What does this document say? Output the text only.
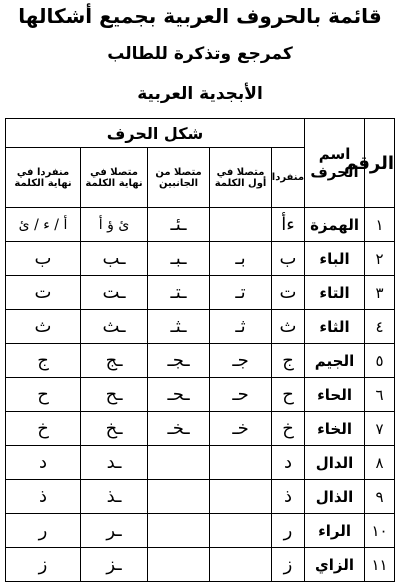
قائمة بالحروف العربية بجميع أشكالها
كمرجع وتذكرة للطالب
الأبجدية العربية
الرقم	اسم الحرف	شكل الحرف				
		منفردا	متصلا في أول الكلمة	متصلا من الجانبين	متصلا في نهاية الكلمة	منفردا في نهاية الكلمة
١	الهمزة	ءأ		ـئـ	ئ ؤ أ	أ / ء / ئ
٢	الباء	ب	بـ	ـبـ	ـب	ب
٣	التاء	ت	تـ	ـتـ	ـت	ت
٤	الثاء	ث	ثـ	ـثـ	ـث	ث
٥	الجيم	ج	جـ	ـجـ	ـج	ج
٦	الحاء	ح	حـ	ـحـ	ـح	ح
٧	الخاء	خ	خـ	ـخـ	ـخ	خ
٨	الدال	د			ـد	د
٩	الذال	ذ			ـذ	ذ
١٠	الراء	ر			ـر	ر
١١	الزاي	ز			ـز	ز
